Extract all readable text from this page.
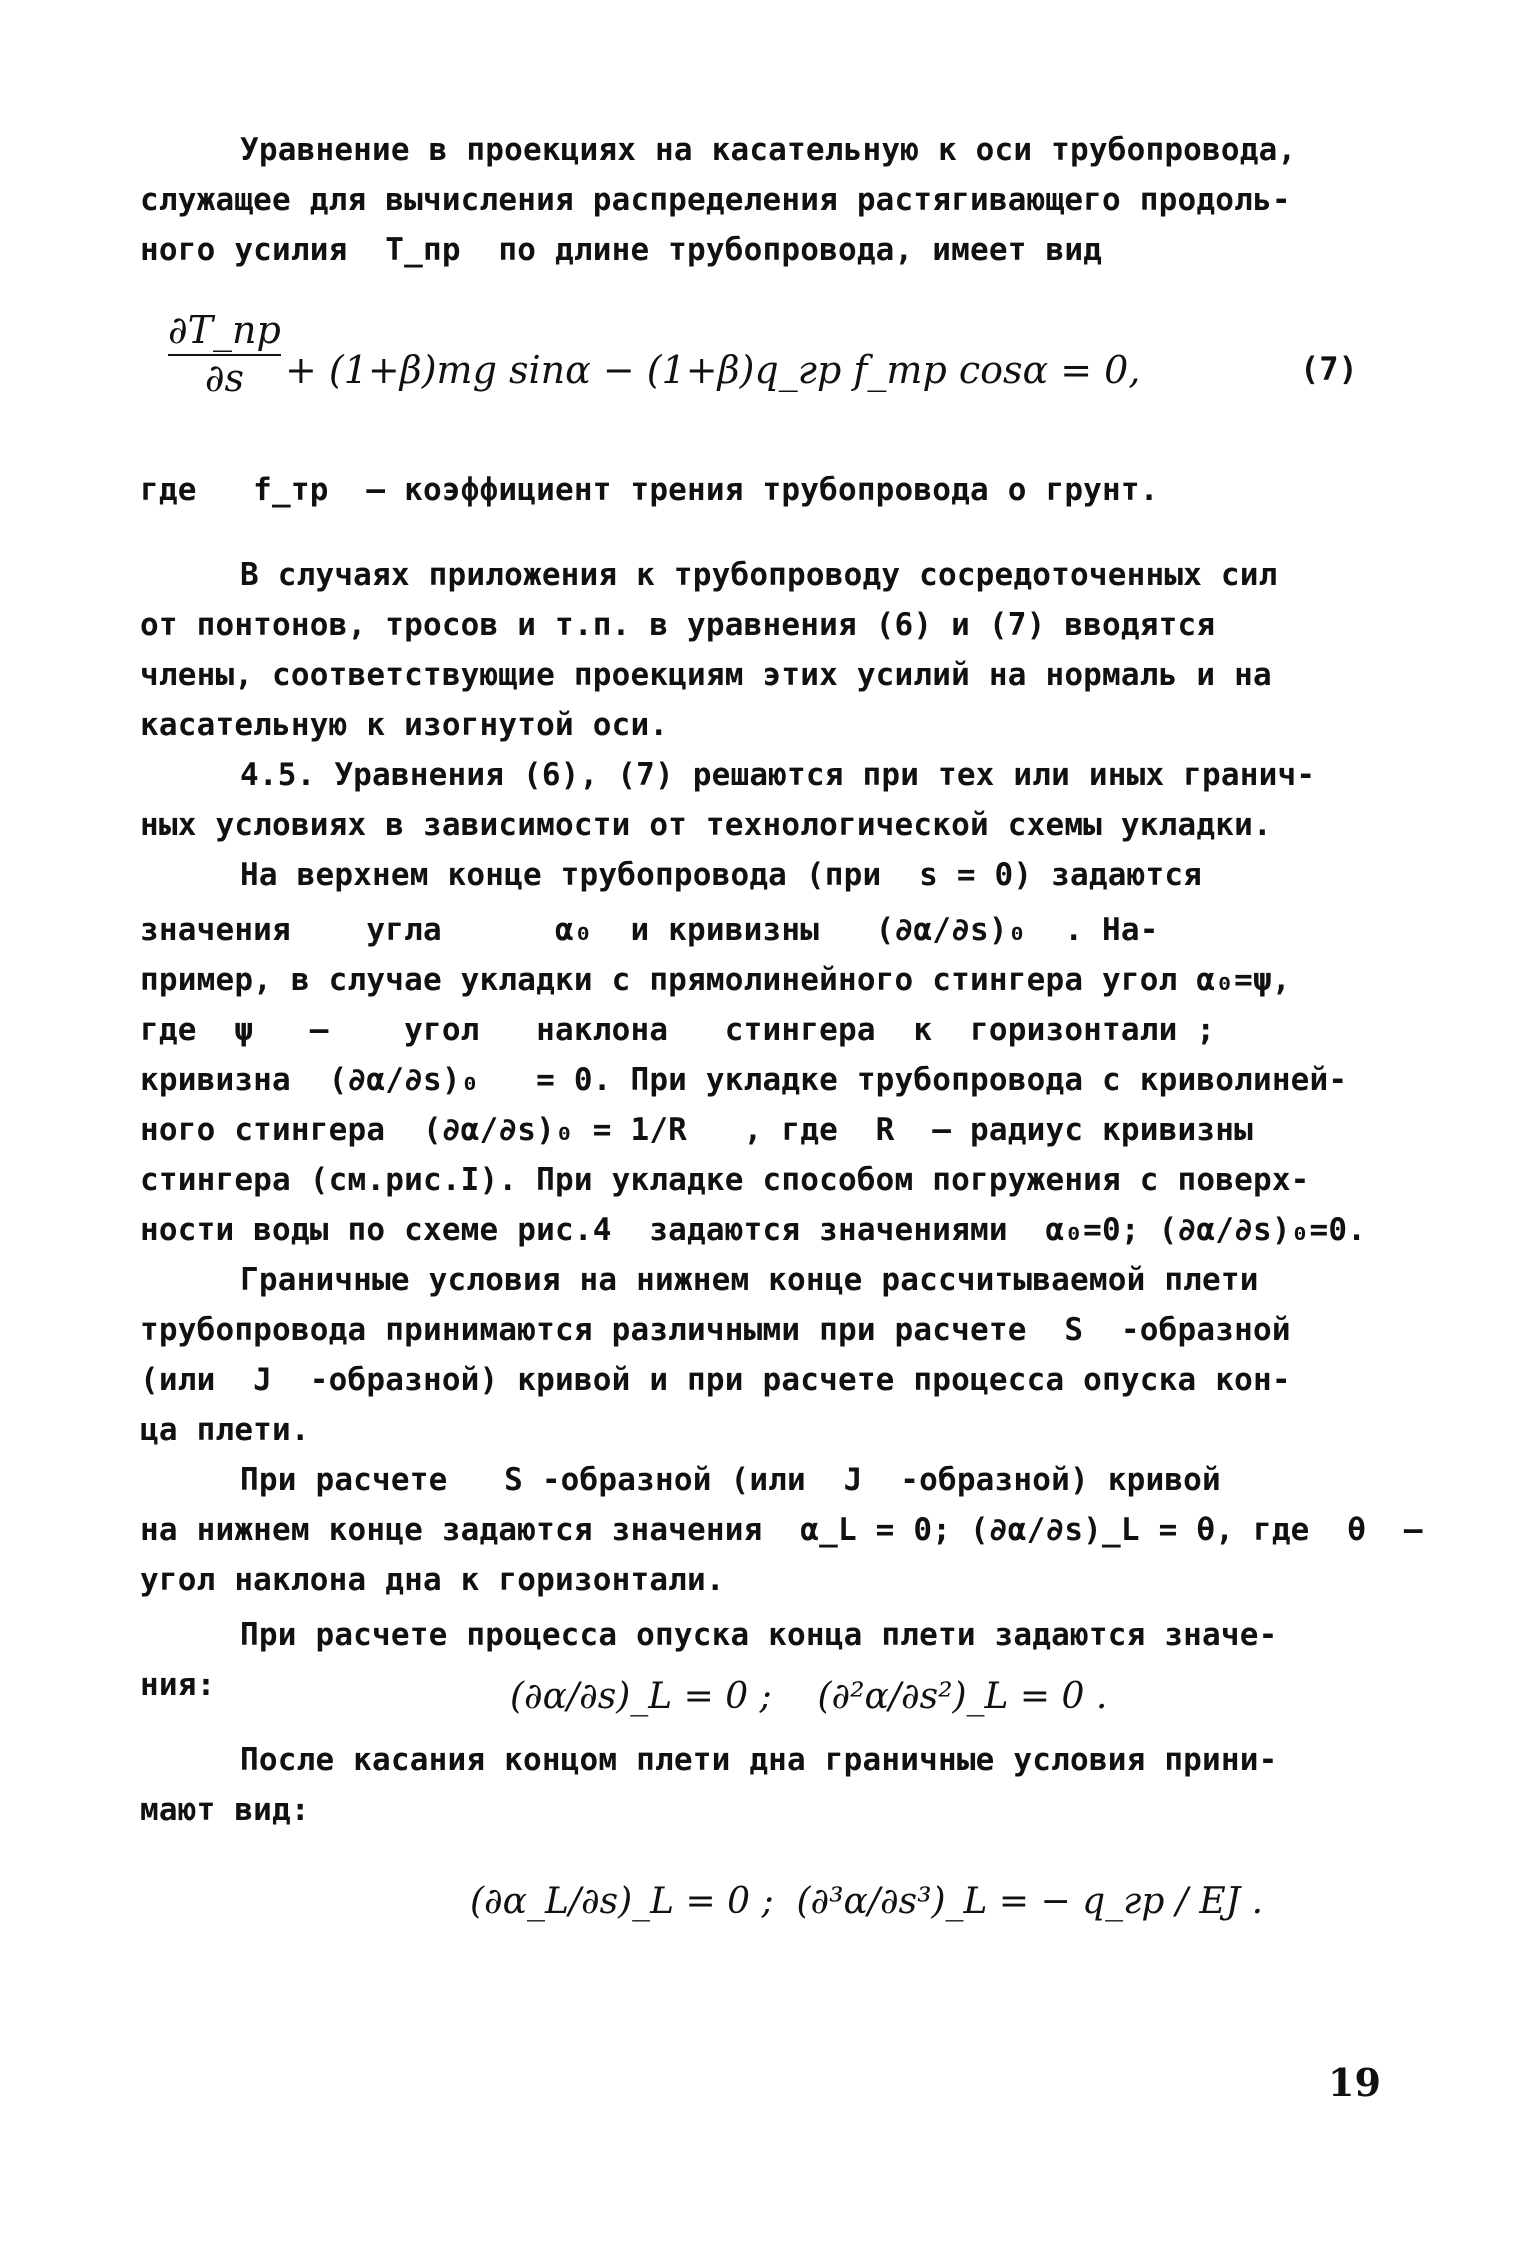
Уравнение в проекциях на касательную к оси трубопровода,
служащее для вычисления распределения растягивающего продоль-
ного усилия  T_пр  по длине трубопровода, имеет вид
∂T_пр
∂s + (1+β)mg sinα − (1+β)q_гр f_тр cosα = 0,	(7)
где   f_тр  – коэффициент трения трубопровода о грунт.
В случаях приложения к трубопроводу сосредоточенных сил
от понтонов, тросов и т.п. в уравнения (6) и (7) вводятся
члены, соответствующие проекциям этих усилий на нормаль и на
касательную к изогнутой оси.
4.5. Уравнения (6), (7) решаются при тех или иных гранич-
ных условиях в зависимости от технологической схемы укладки.
На верхнем конце трубопровода (при  s = 0) задаются
значения    угла      α₀  и кривизны   (∂α/∂s)₀  . На-
пример, в случае укладки с прямолинейного стингера угол α₀=ψ,
где  ψ   –    угол   наклона   стингера  к  горизонтали ;
кривизна  (∂α/∂s)₀   = 0. При укладке трубопровода с криволиней-
ного стингера  (∂α/∂s)₀ = 1/R   , где  R  – радиус кривизны
стингера (см.рис.I). При укладке способом погружения с поверх-
ности воды по схеме рис.4  задаются значениями  α₀=0; (∂α/∂s)₀=0.
Граничные условия на нижнем конце рассчитываемой плети
трубопровода принимаются различными при расчете  S  -образной
(или  J  -образной) кривой и при расчете процесса опуска кон-
ца плети.
При расчете   S -образной (или  J  -образной) кривой
на нижнем конце задаются значения  α_L = 0; (∂α/∂s)_L = θ, где  θ  –
угол наклона дна к горизонтали.
При расчете процесса опуска конца плети задаются значе-
ния:	(∂α/∂s)_L = 0 ;    (∂²α/∂s²)_L = 0 .
После касания концом плети дна граничные условия прини-
мают вид:
(∂α_L/∂s)_L = 0 ;  (∂³α/∂s³)_L = − q_гр / EJ .
19
